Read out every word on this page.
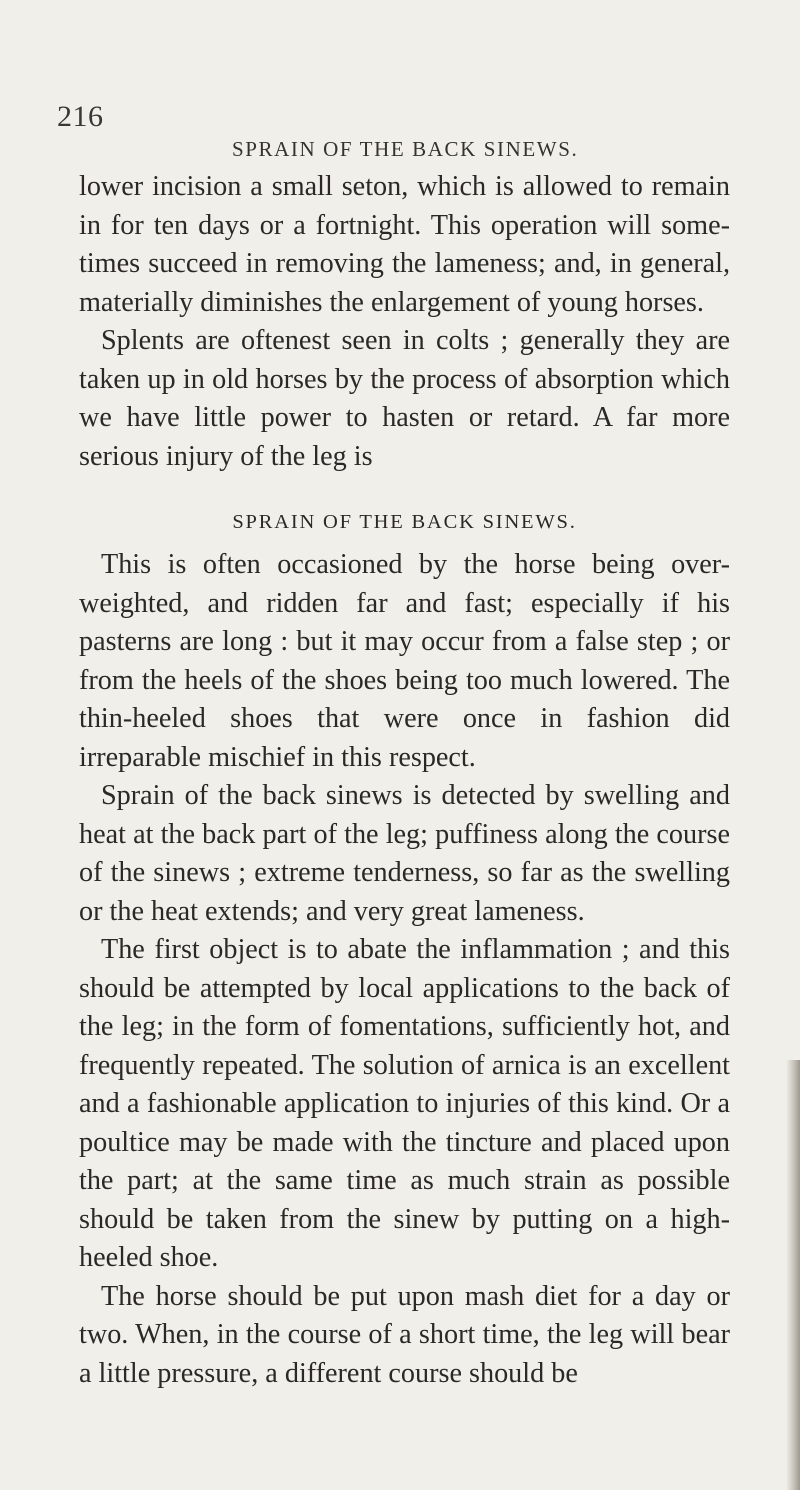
216
SPRAIN OF THE BACK SINEWS.

lower incision a small seton, which is allowed to remain in for ten days or a fortnight. This operation will some- times succeed in removing the lameness; and, in general, materially diminishes the enlargement of young horses.

Splents are oftenest seen in colts ; generally they are taken up in old horses by the process of absorption which we have little power to hasten or retard. A far more serious injury of the leg is

SPRAIN OF THE BACK SINEWS.

This is often occasioned by the horse being over- weighted, and ridden far and fast; especially if his pasterns are long : but it may occur from a false step ; or from the heels of the shoes being too much lowered. The thin-heeled shoes that were once in fashion did irreparable mischief in this respect.

Sprain of the back sinews is detected by swelling and heat at the back part of the leg; puffiness along the course of the sinews ; extreme tenderness, so far as the swelling or the heat extends; and very great lameness.

The first object is to abate the inflammation ; and this should be attempted by local applications to the back of the leg; in the form of fomentations, sufficiently hot, and frequently repeated. The solution of arnica is an excellent and a fashionable application to injuries of this kind. Or a poultice may be made with the tincture and placed upon the part; at the same time as much strain as possible should be taken from the sinew by putting on a high-heeled shoe.

The horse should be put upon mash diet for a day or two. When, in the course of a short time, the leg will bear a little pressure, a different course should be
